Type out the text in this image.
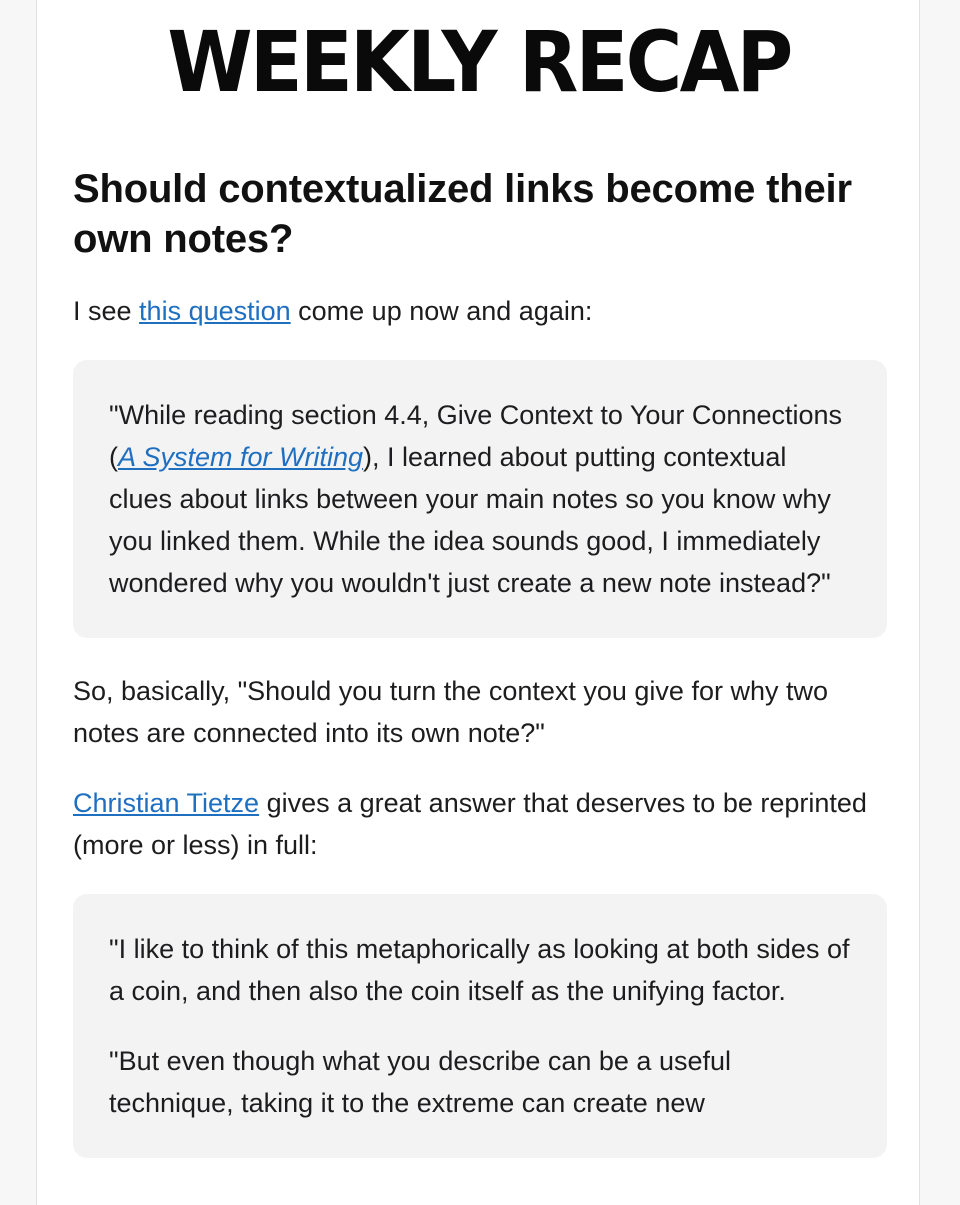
WEEKLY RECAP
Should contextualized links become their own notes?

I see this question come up now and again:

"While reading section 4.4, Give Context to Your Connections (A System for Writing), I learned about putting contextual clues about links between your main notes so you know why you linked them. While the idea sounds good, I immediately wondered why you wouldn't just create a new note instead?"

So, basically, "Should you turn the context you give for why two notes are connected into its own note?"

Christian Tietze gives a great answer that deserves to be reprinted (more or less) in full:

"I like to think of this metaphorically as looking at both sides of a coin, and then also the coin itself as the unifying factor.

"But even though what you describe can be a useful technique, taking it to the extreme can create new
